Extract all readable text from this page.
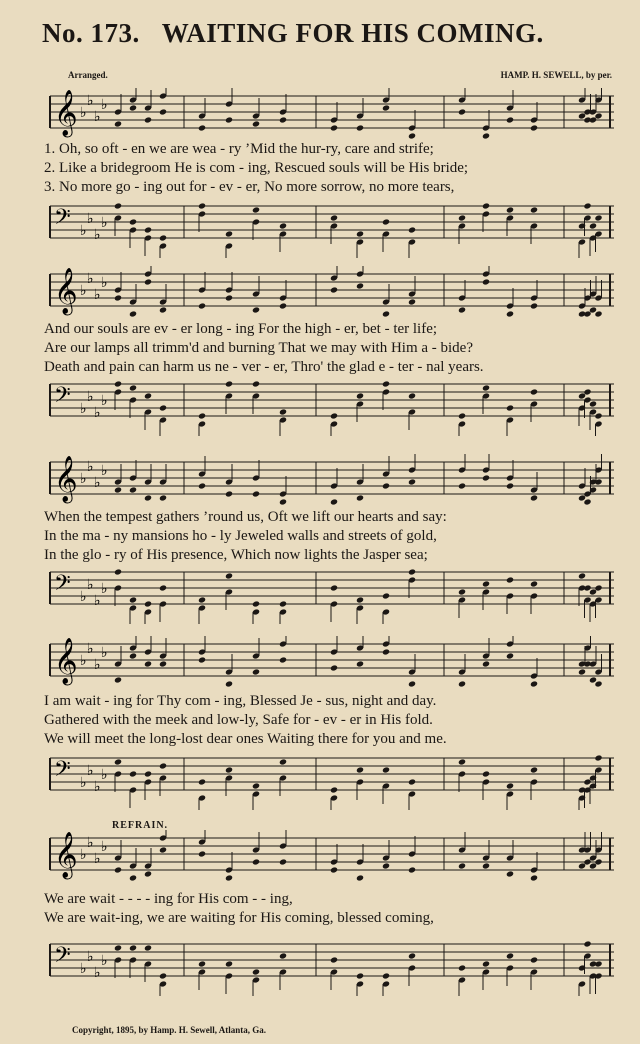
No. 173. WAITING FOR HIS COMING.
Arranged.	HAMP. H. SEWELL, by per.
𝄞 ♭
♭
♭
♭
1. Oh, so oft - en we are wea - ry ’Mid the hur-ry, care and strife;
2. Like a bridegroom He is com - ing, Rescued souls will be His bride;
3. No more go - ing out for - ev - er, No more sorrow, no more tears,
𝄢 ♭
♭
♭
♭
𝄞 ♭
♭
♭
♭
And our souls are ev - er long - ing For the high - er, bet - ter life;
Are our lamps all trimm'd and burning That we may with Him a - bide?
Death and pain can harm us ne - ver - er, Thro' the glad e - ter - nal years.
𝄢 ♭
♭
♭
♭
𝄞 ♭
♭
♭
♭
When the tempest gathers ’round us, Oft we lift our hearts and say:
In the ma - ny mansions ho - ly Jeweled walls and streets of gold,
In the glo - ry of His presence, Which now lights the Jasper sea;
𝄢 ♭
♭
♭
♭
𝄞 ♭
♭
♭
♭
I am wait - ing for Thy com - ing, Blessed Je - sus, night and day.
Gathered with the meek and low-ly, Safe for - ev - er in His fold.
We will meet the long-lost dear ones Waiting there for you and me.
𝄢 ♭
♭
♭
♭
REFRAIN.
𝄞 ♭
♭
♭
♭
We are wait - - - - ing for His com - - ing,
We are wait-ing, we are waiting for His coming, blessed coming,
𝄢 ♭
♭
♭
♭
Copyright, 1895, by Hamp. H. Sewell, Atlanta, Ga.
